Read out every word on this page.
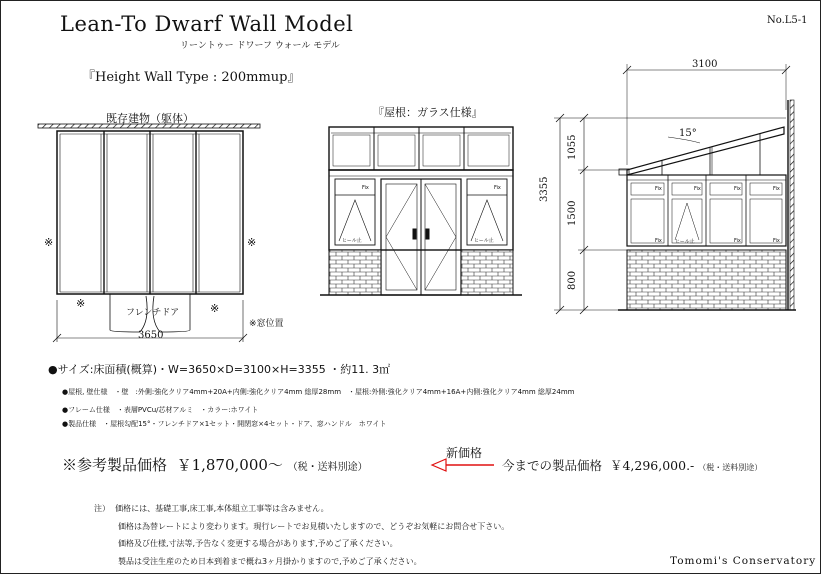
Lean-To Dwarf Wall Model
リーントゥー ドワーフ ウォール モデル
No.L5-1
『Height Wall Type : 200mmup』
既存建物（躯体）
※	※
※	※
フレンチドア
3650
※窓位置
『屋根：ガラス仕様』
Fix	Fix
ヒール止	ヒール止
3100
15°
3355
1055
1500
800
Fix	Fix	Fix	Fix
Fix	Fix	Fix
ヒール止
●サイズ:床面積(概算)・W=3650×D=3100×H=3355 ・約11. 3㎡
●屋根, 壁仕様　・壁　:外側:強化クリア4mm+20A+内側:強化クリア4mm 総厚28mm　・屋根:外側:強化クリア4mm+16A+内側:強化クリア4mm 総厚24mm
●フレーム仕様　・表層PVCu/芯材アルミ　・カラー:ホワイト
●製品仕様　・屋根勾配15°・フレンチドア×1セット・開閉窓×4セット・ドア、窓ハンドル　ホワイト
※参考製品価格 ￥1,870,000〜 （税・送料別途）
新価格
今までの製品価格 ￥4,296,000.- （税・送料別途）
注） 価格には、基礎工事,床工事,本体組立工事等は含みません。
価格は為替レートにより変わります。現行レートでお見積いたしますので、どうぞお気軽にお問合せ下さい。
価格及び仕様,寸法等,予告なく変更する場合があります,予めご了承ください。
製品は受注生産のため日本到着まで概ね3ヶ月掛かりますので,予めご了承ください。	Tomomi's Conservatory
